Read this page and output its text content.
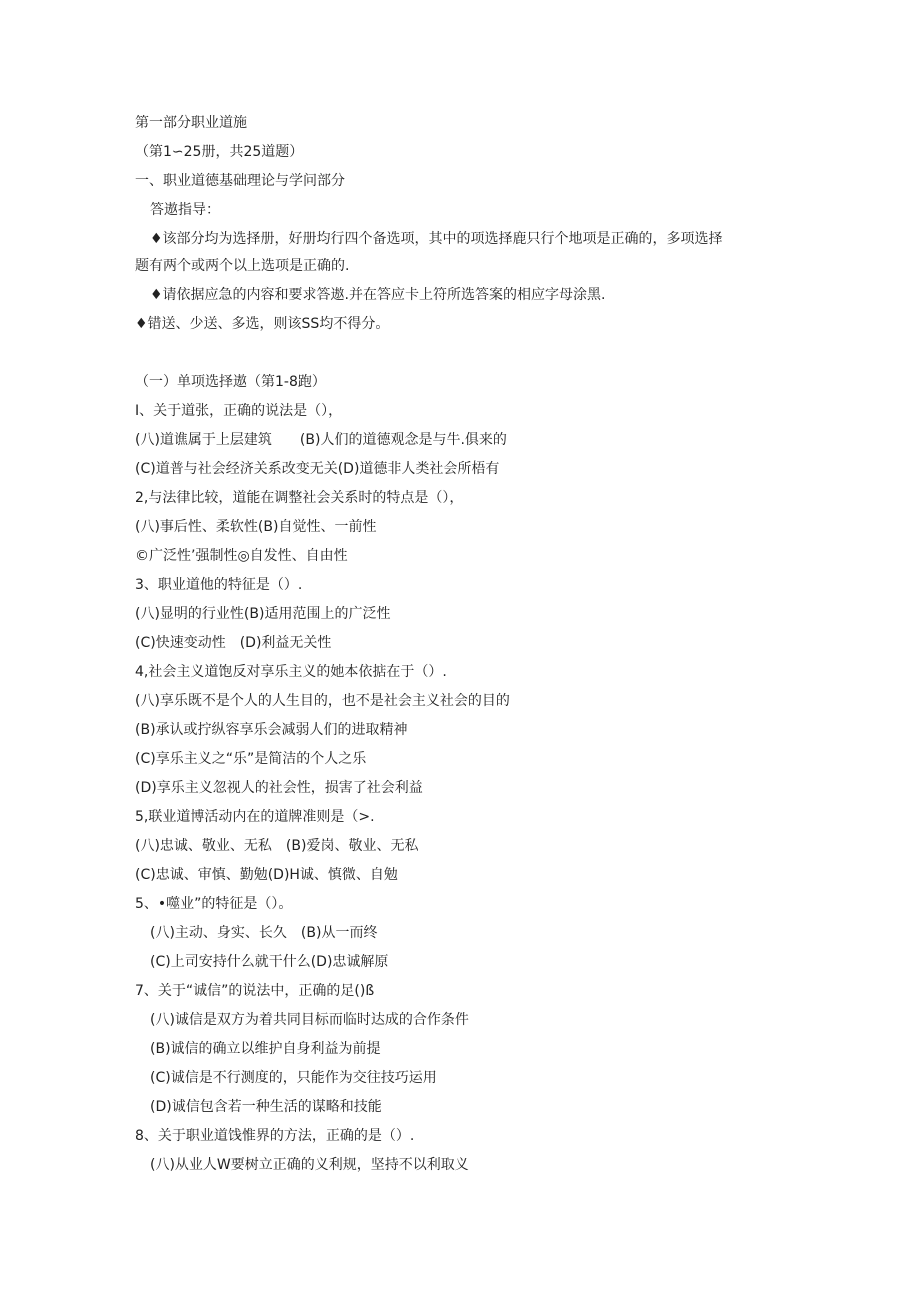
第一部分职业道施
（第1∽25册，共25道题）
一、职业道德基础理论与学问部分
答遨指导：
♦该部分均为选择册，好册均行四个备选项，其中的项选择鹿只行个地项是正确的，多项选择
题有两个或两个以上选项是正确的.
♦请依据应急的内容和要求答遨.并在答应卡上符所选答案的相应字母涂黑.
♦错送、少送、多选，则该SS均不得分。
（一）单项选择遨（第1-8跑）
I、关于道张，正确的说法是（），
(八)道谯属于上层建筑　　(B)人们的道德观念是与牛.俱来的
(C)道普与社会经济关系改变无关(D)道德非人类社会所梧有
2,与法律比较，道能在调整社会关系时的特点是（），
(八)事后性、柔软性(B)自觉性、一前性
©广泛性’强制性◎自发性、自由性
3、职业道他的特征是（）.
(八)显明的行业性(B)适用范围上的广泛性
(C)快速变动性　(D)利益无关性
4,社会主义道饱反对享乐主义的她本依掂在于（）.
(八)享乐既不是个人的人生目的，也不是社会主义社会的目的
(B)承认或拧纵容享乐会减弱人们的进取精神
(C)享乐主义之“乐”是简洁的个人之乐
(D)享乐主义忽视人的社会性，损害了社会利益
5,联业道博活动内在的道牌准则是（>.
(八)忠诚、敬业、无私　(B)爱岗、敬业、无私
(C)忠诚、审慎、勤勉(D)H诚、慎微、自勉
5、•噬业”的特征是（）。
(八)主动、身实、长久　(B)从一而终
(C)上司安持什么就干什么(D)忠诚解原
7、关于“诚信”的说法中，正确的足()ß
(八)诚信是双方为着共同目标而临时达成的合作条件
(B)诚信的确立以维护自身利益为前提
(C)诚信是不行测度的，只能作为交往技巧运用
(D)诚信包含若一种生活的谋略和技能
8、关于职业道饯惟界的方法，正确的是（）.
(八)从业人W要树立正确的义利规，坚持不以利取义
